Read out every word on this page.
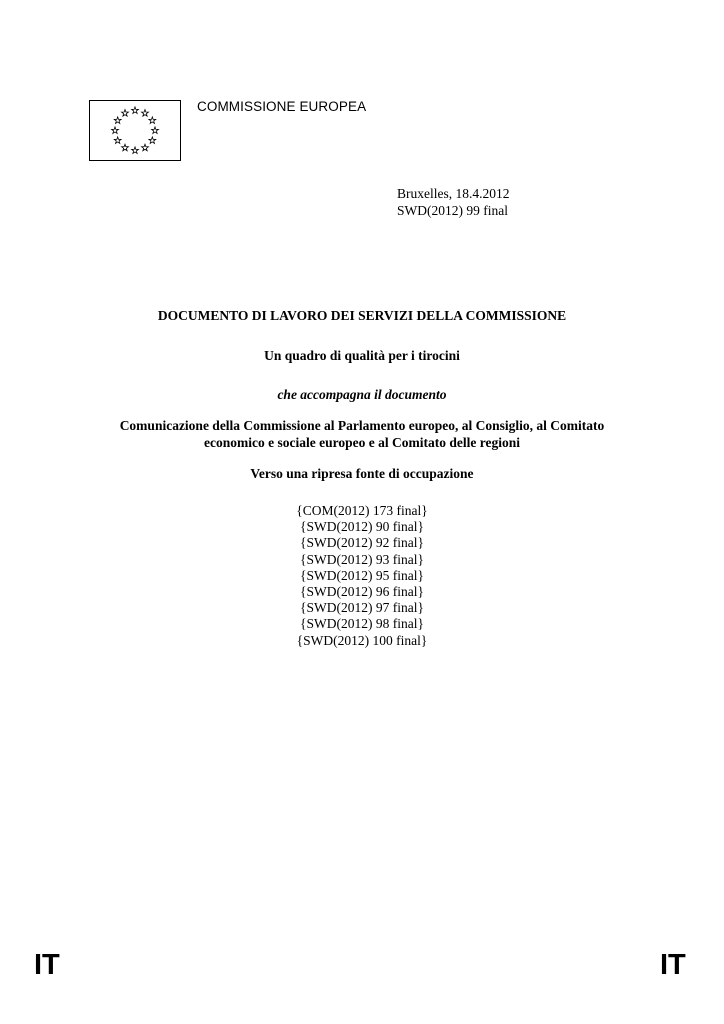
COMMISSIONE EUROPEA
Bruxelles, 18.4.2012
SWD(2012) 99 final
DOCUMENTO DI LAVORO DEI SERVIZI DELLA COMMISSIONE
Un quadro di qualità per i tirocini
che accompagna il documento
Comunicazione della Commissione al Parlamento europeo, al Consiglio, al Comitato
economico e sociale europeo e al Comitato delle regioni
Verso una ripresa fonte di occupazione
{COM(2012) 173 final}
{SWD(2012) 90 final}
{SWD(2012) 92 final}
{SWD(2012) 93 final}
{SWD(2012) 95 final}
{SWD(2012) 96 final}
{SWD(2012) 97 final}
{SWD(2012) 98 final}
{SWD(2012) 100 final}
IT	IT
